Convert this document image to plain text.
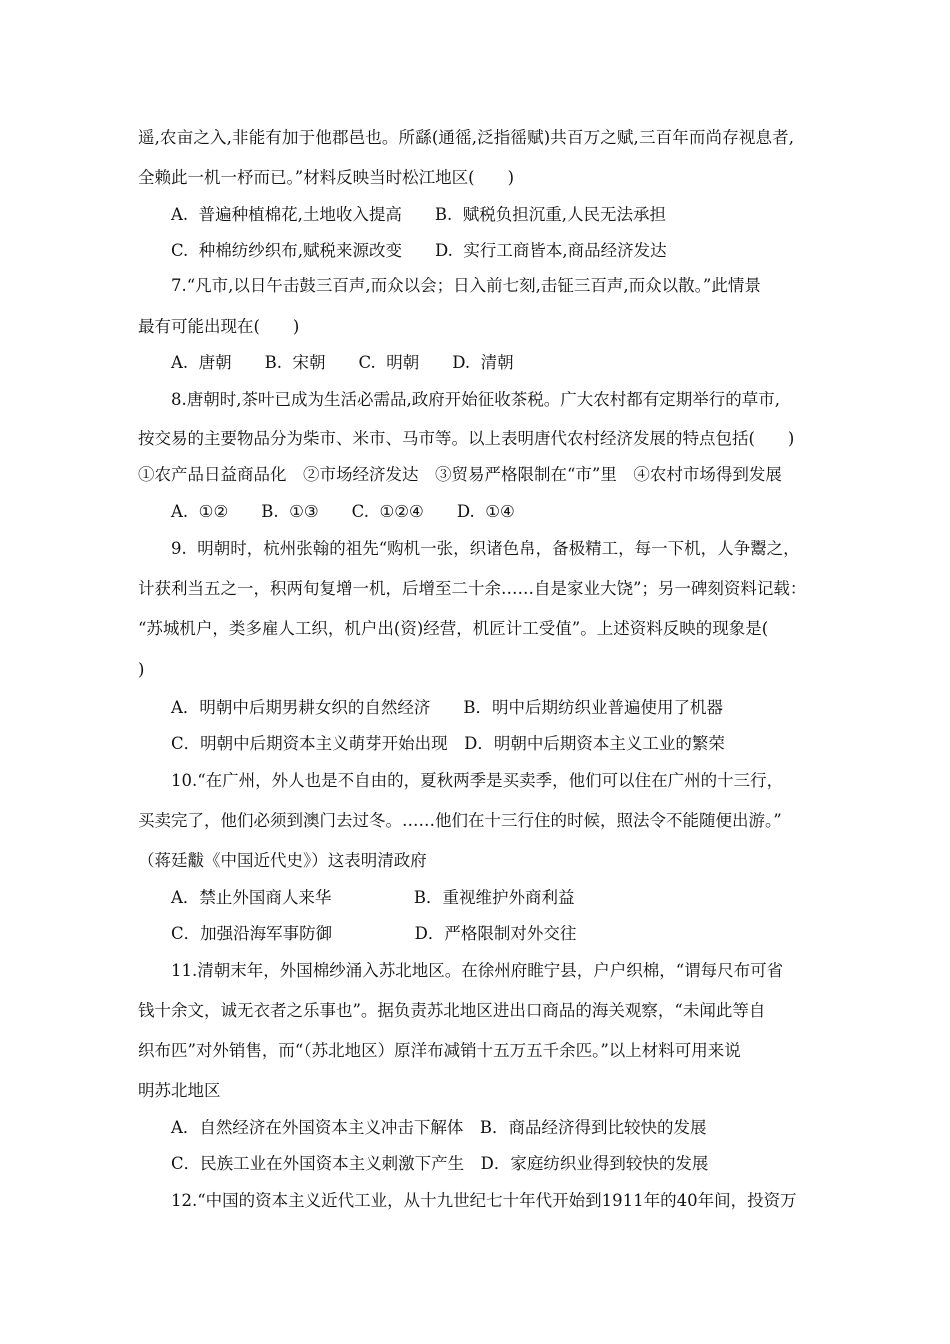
遥,农亩之入,非能有加于他郡邑也。所繇(通徭,泛指徭赋)共百万之赋,三百年而尚存视息者,
全赖此一机一杼而已。”材料反映当时松江地区(　　)
A.  普遍种植棉花,土地收入提高　　B.  赋税负担沉重,人民无法承担
C.  种棉纺纱织布,赋税来源改变　　D.  实行工商皆本,商品经济发达
7.“凡市,以日午击鼓三百声,而众以会；日入前七刻,击钲三百声,而众以散。”此情景
最有可能出现在(　　)
A.  唐朝　　B.  宋朝　　C.  明朝　　D.  清朝
8.唐朝时,茶叶已成为生活必需品,政府开始征收茶税。广大农村都有定期举行的草市,
按交易的主要物品分为柴市、米市、马市等。以上表明唐代农村经济发展的特点包括(　　)
①农产品日益商品化　②市场经济发达　③贸易严格限制在“市”里　④农村市场得到发展
A.  ①②　　B.  ①③　　C.  ①②④　　D.  ①④
9.  明朝时，杭州张翰的祖先“购机一张，织诸色帛，备极精工，每一下机，人争鬻之，
计获利当五之一，积两旬复增一机，后增至二十余……自是家业大饶”；另一碑刻资料记载：
“苏城机户，类多雇人工织，机户出(资)经营，机匠计工受值”。上述资料反映的现象是(
)
A．明朝中后期男耕女织的自然经济　　B．明中后期纺织业普遍使用了机器
C．明朝中后期资本主义萌芽开始出现　D．明朝中后期资本主义工业的繁荣
10.“在广州，外人也是不自由的，夏秋两季是买卖季，他们可以住在广州的十三行，
买卖完了，他们必须到澳门去过冬。……他们在十三行住的时候，照法令不能随便出游。”
（蒋廷黻《中国近代史》）这表明清政府
A．禁止外国商人来华　　　　　B．重视维护外商利益
C．加强沿海军事防御　　　　　D．严格限制对外交往
11.清朝末年，外国棉纱涌入苏北地区。在徐州府睢宁县，户户织棉，“谓每尺布可省
钱十余文，诚无衣者之乐事也”。据负责苏北地区进出口商品的海关观察，“未闻此等自
织布匹”对外销售，而“（苏北地区）原洋布减销十五万五千余匹。”以上材料可用来说
明苏北地区
A．自然经济在外国资本主义冲击下解体　B．商品经济得到比较快的发展
C．民族工业在外国资本主义刺激下产生　D．家庭纺织业得到较快的发展
12.“中国的资本主义近代工业，从十九世纪七十年代开始到1911年的40年间，投资万
